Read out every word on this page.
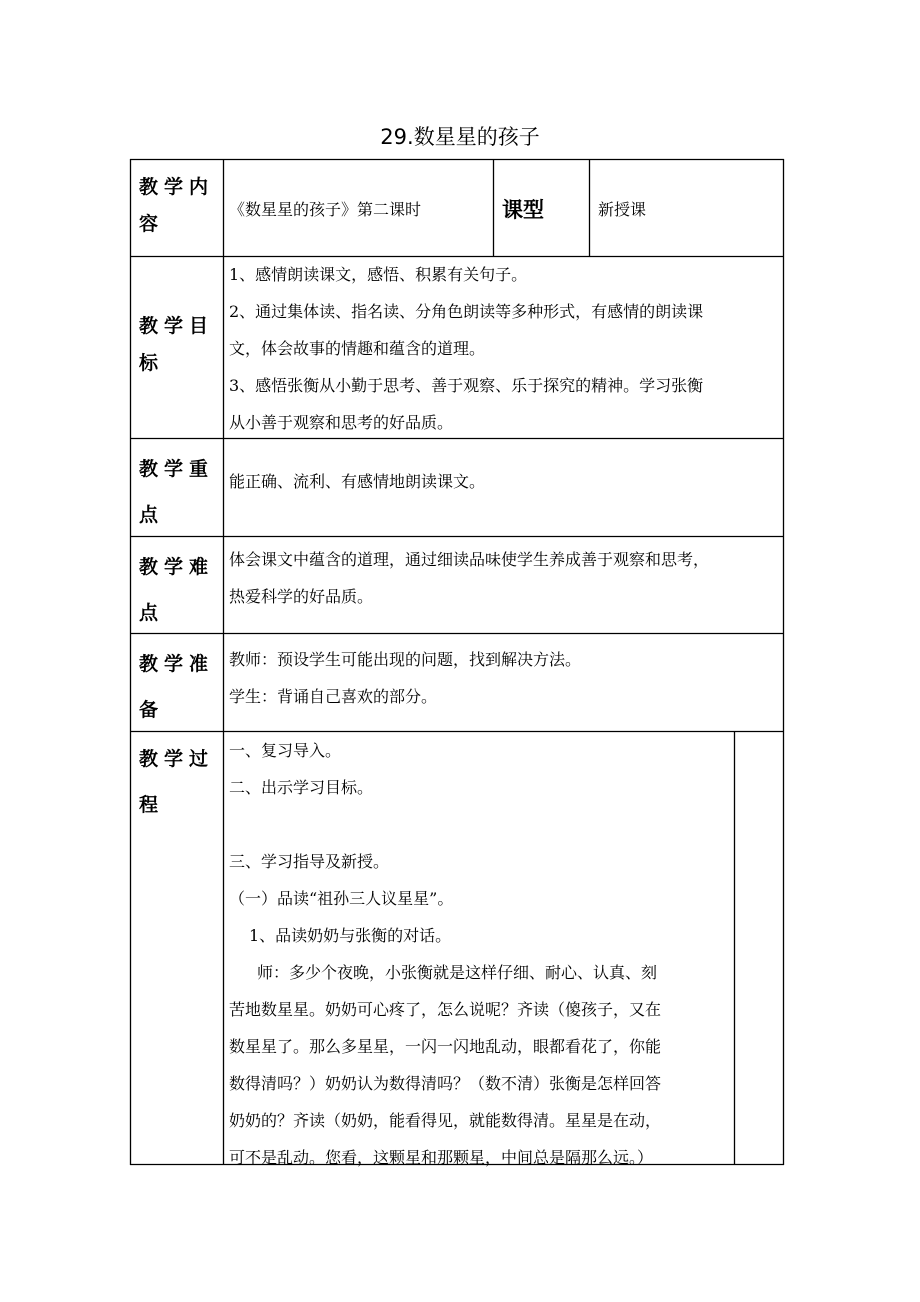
29.数星星的孩子
教学内
容
《数星星的孩子》第二课时	课型	新授课
教学目
标

1、感情朗读课文，感悟、积累有关句子。

2、通过集体读、指名读、分角色朗读等多种形式，有感情的朗读课

文，体会故事的情趣和蕴含的道理。

3、感悟张衡从小勤于思考、善于观察、乐于探究的精神。学习张衡

从小善于观察和思考的好品质。

教学重
点
能正确、流利、有感情地朗读课文。
教学难
点

体会课文中蕴含的道理，通过细读品味使学生养成善于观察和思考，

热爱科学的好品质。

教学准
备

教师：预设学生可能出现的问题，找到解决方法。

学生：背诵自己喜欢的部分。

教学过
程

一、复习导入。

二、出示学习目标。

三、学习指导及新授。

（一）品读“祖孙三人议星星”。

1、品读奶奶与张衡的对话。

师：多少个夜晚，小张衡就是这样仔细、耐心、认真、刻

苦地数星星。奶奶可心疼了，怎么说呢？齐读（傻孩子，又在

数星星了。那么多星星，一闪一闪地乱动，眼都看花了，你能

数得清吗？）奶奶认为数得清吗？（数不清）张衡是怎样回答

奶奶的？齐读（奶奶，能看得见，就能数得清。星星是在动，

可不是乱动。您看，这颗星和那颗星，中间总是隔那么远。）
